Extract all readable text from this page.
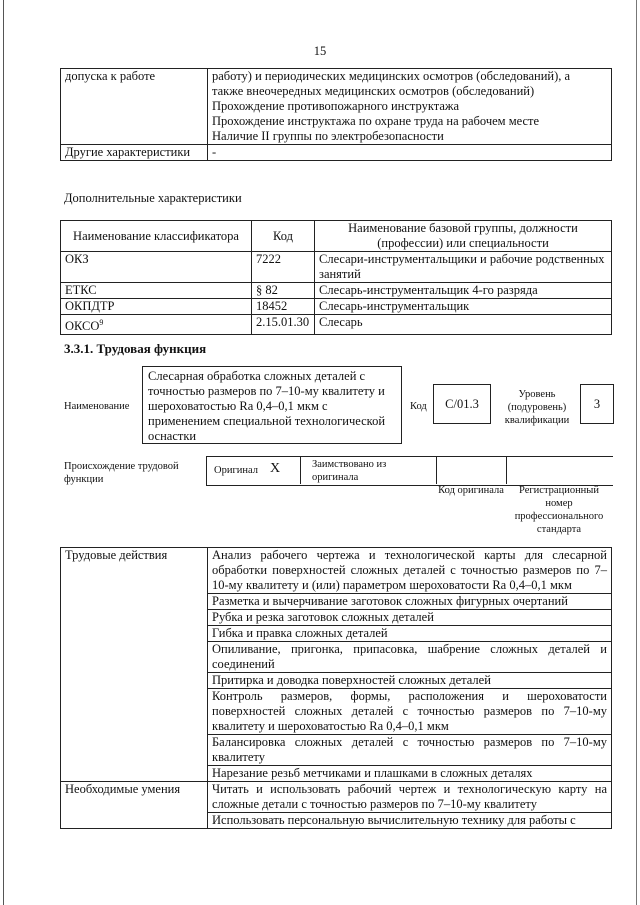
15
допуска к работе	работу) и периодических медицинских осмотров (обследований), а
также внеочередных медицинских осмотров (обследований)
Прохождение противопожарного инструктажа
Прохождение инструктажа по охране труда на рабочем месте
Наличие II группы по электробезопасности

Другие характеристики	-
Дополнительные характеристики
Наименование классификатора	Код	Наименование базовой группы, должности (профессии) или специальности
ОКЗ	7222	Слесари-инструментальщики и рабочие родственных занятий
ЕТКС	§ 82	Слесарь-инструментальщик 4-го разряда
ОКПДТР	18452	Слесарь-инструментальщик
ОКСО$^9$	2.15.01.30	Слесарь
3.3.1. Трудовая функция
Наименование
Слесарная обработка сложных деталей с точностью размеров по 7–10-му квалитету и шероховатостью Ra 0,4–0,1 мкм с применением специальной технологической оснастки
Код	C/01.3
Уровень (подуровень) квалификации
3
Происхождение трудовой функции
Оригинал X	Заимствовано из оригинала
Код оригинала	Регистрационный номер профессионального стандарта
Трудовые действия	Анализ рабочего чертежа и технологической карты для слесарной обработки поверхностей сложных деталей с точностью размеров по 7–10-му квалитету и (или) параметром шероховатости Ra 0,4–0,1 мкм
	Разметка и вычерчивание заготовок сложных фигурных очертаний
	Рубка и резка заготовок сложных деталей
	Гибка и правка сложных деталей
	Опиливание, пригонка, припасовка, шабрение сложных деталей и соединений
	Притирка и доводка поверхностей сложных деталей
	Контроль размеров, формы, расположения и шероховатости поверхностей сложных деталей с точностью размеров по 7–10-му квалитету и шероховатостью Ra 0,4–0,1 мкм
	Балансировка сложных деталей с точностью размеров по 7–10-му квалитету
	Нарезание резьб метчиками и плашками в сложных деталях
Необходимые умения	Читать и использовать рабочий чертеж и технологическую карту на сложные детали с точностью размеров по 7–10-му квалитету
	Использовать персональную вычислительную технику для работы с
